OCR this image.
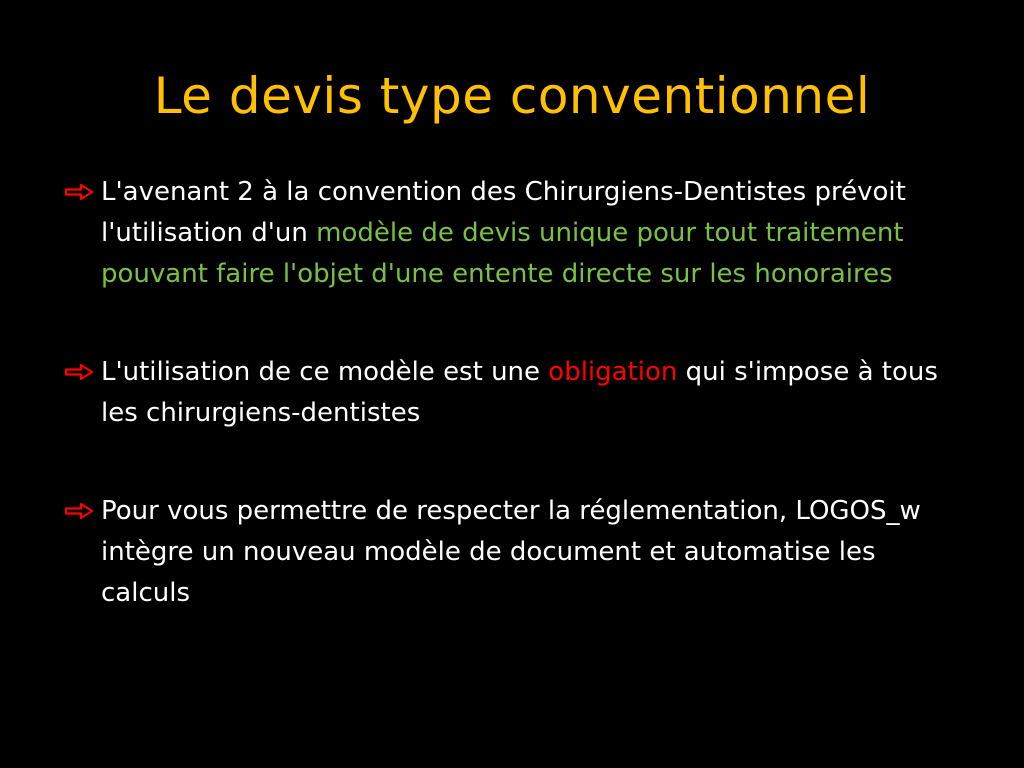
Le devis type conventionnel
L'avenant 2 à la convention des Chirurgiens-Dentistes prévoit l'utilisation d'un modèle de devis unique pour tout traitement pouvant faire l'objet d'une entente directe sur les honoraires
L'utilisation de ce modèle est une obligation qui s'impose à tous les chirurgiens-dentistes
Pour vous permettre de respecter la réglementation, LOGOS_w intègre un nouveau modèle de document et automatise les calculs
